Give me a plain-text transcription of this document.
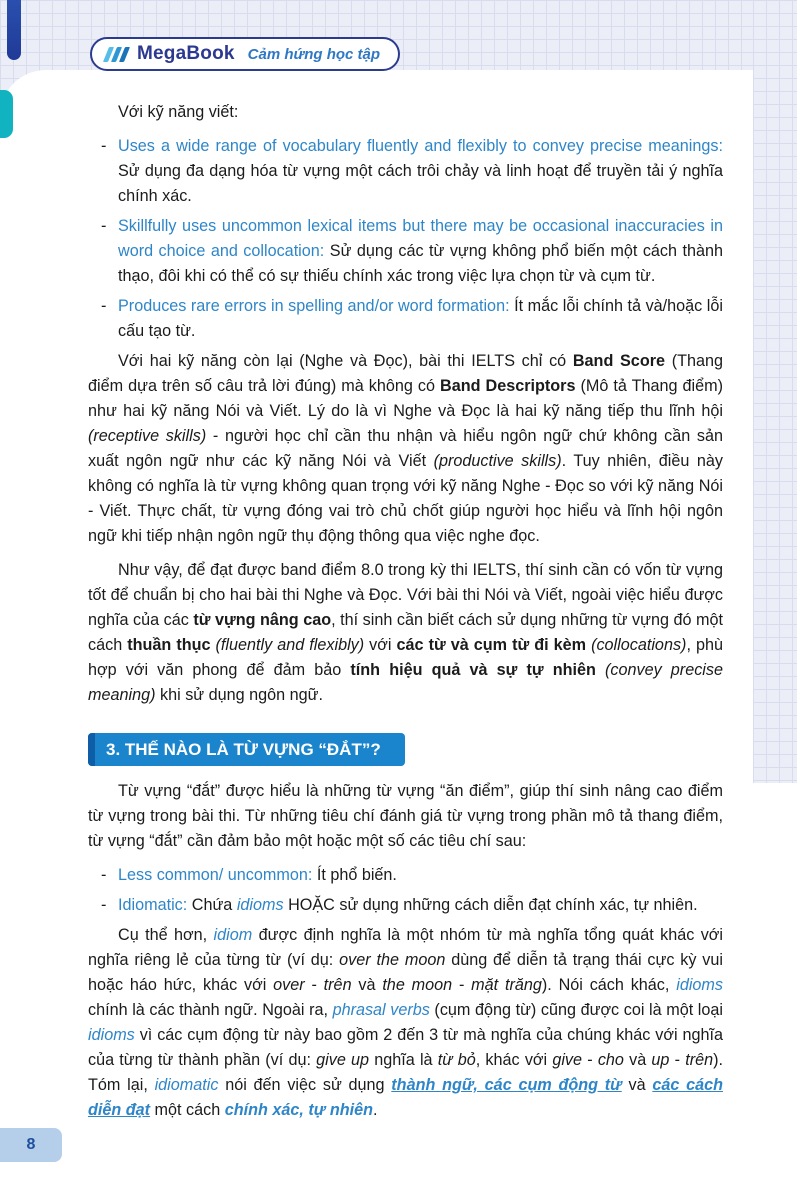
MegaBook Cảm hứng học tập

Với kỹ năng viết:

- Uses a wide range of vocabulary fluently and flexibly to convey precise meanings: Sử dụng đa dạng hóa từ vựng một cách trôi chảy và linh hoạt để truyền tải ý nghĩa chính xác.

- Skillfully uses uncommon lexical items but there may be occasional inaccuracies in word choice and collocation: Sử dụng các từ vựng không phổ biến một cách thành thạo, đôi khi có thể có sự thiếu chính xác trong việc lựa chọn từ và cụm từ.

- Produces rare errors in spelling and/or word formation: Ít mắc lỗi chính tả và/hoặc lỗi cấu tạo từ.

Với hai kỹ năng còn lại (Nghe và Đọc), bài thi IELTS chỉ có Band Score (Thang điểm dựa trên số câu trả lời đúng) mà không có Band Descriptors (Mô tả Thang điểm) như hai kỹ năng Nói và Viết. Lý do là vì Nghe và Đọc là hai kỹ năng tiếp thu lĩnh hội (receptive skills) - người học chỉ cần thu nhận và hiểu ngôn ngữ chứ không cần sản xuất ngôn ngữ như các kỹ năng Nói và Viết (productive skills). Tuy nhiên, điều này không có nghĩa là từ vựng không quan trọng với kỹ năng Nghe - Đọc so với kỹ năng Nói - Viết. Thực chất, từ vựng đóng vai trò chủ chốt giúp người học hiểu và lĩnh hội ngôn ngữ khi tiếp nhận ngôn ngữ thụ động thông qua việc nghe đọc.

Như vậy, để đạt được band điểm 8.0 trong kỳ thi IELTS, thí sinh cần có vốn từ vựng tốt để chuẩn bị cho hai bài thi Nghe và Đọc. Với bài thi Nói và Viết, ngoài việc hiểu được nghĩa của các từ vựng nâng cao, thí sinh cần biết cách sử dụng những từ vựng đó một cách thuần thục (fluently and flexibly) với các từ và cụm từ đi kèm (collocations), phù hợp với văn phong để đảm bảo tính hiệu quả và sự tự nhiên (convey precise meaning) khi sử dụng ngôn ngữ.

3. THẾ NÀO LÀ TỪ VỰNG “ĐẮT”?

Từ vựng “đắt” được hiểu là những từ vựng “ăn điểm”, giúp thí sinh nâng cao điểm từ vựng trong bài thi. Từ những tiêu chí đánh giá từ vựng trong phần mô tả thang điểm, từ vựng “đắt” cần đảm bảo một hoặc một số các tiêu chí sau:

- Less common/ uncommon: Ít phổ biến.

- Idiomatic: Chứa idioms HOẶC sử dụng những cách diễn đạt chính xác, tự nhiên.

Cụ thể hơn, idiom được định nghĩa là một nhóm từ mà nghĩa tổng quát khác với nghĩa riêng lẻ của từng từ (ví dụ: over the moon dùng để diễn tả trạng thái cực kỳ vui hoặc háo hức, khác với over - trên và the moon - mặt trăng). Nói cách khác, idioms chính là các thành ngữ. Ngoài ra, phrasal verbs (cụm động từ) cũng được coi là một loại idioms vì các cụm động từ này bao gồm 2 đến 3 từ mà nghĩa của chúng khác với nghĩa của từng từ thành phần (ví dụ: give up nghĩa là từ bỏ, khác với give - cho và up - trên). Tóm lại, idiomatic nói đến việc sử dụng thành ngữ, các cụm động từ và các cách diễn đạt một cách chính xác, tự nhiên.

8
